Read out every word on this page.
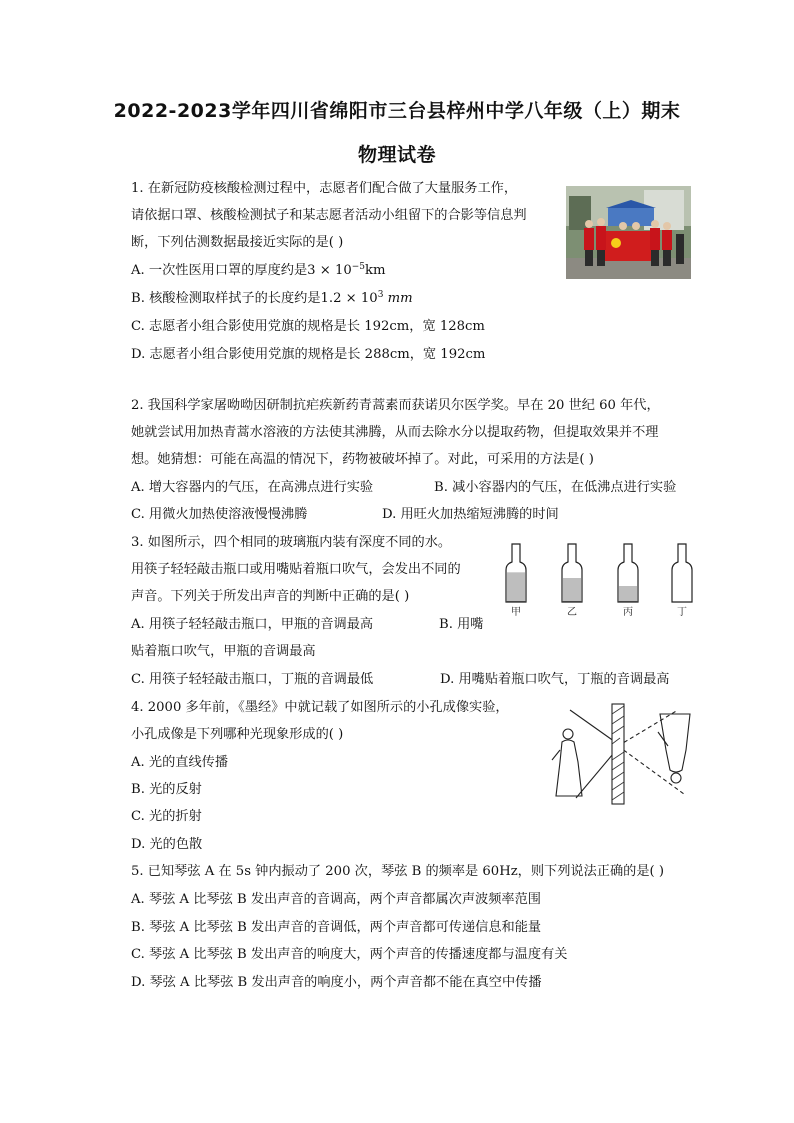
2022-2023学年四川省绵阳市三台县梓州中学八年级（上）期末
物理试卷
1. 在新冠防疫核酸检测过程中，志愿者们配合做了大量服务工作，
请依据口罩、核酸检测拭子和某志愿者活动小组留下的合影等信息判
断，下列估测数据最接近实际的是( )
A. 一次性医用口罩的厚度约是$3 \times 10^{-5}km$
B. 核酸检测取样拭子的长度约是$1.2 \times 10^3$ mm
C. 志愿者小组合影使用党旗的规格是长 192cm，宽 128cm
D. 志愿者小组合影使用党旗的规格是长 288cm，宽 192cm
2. 我国科学家屠呦呦因研制抗疟疾新药青蒿素而获诺贝尔医学奖。早在 20 世纪 60 年代，
她就尝试用加热青蒿水溶液的方法使其沸腾，从而去除水分以提取药物，但提取效果并不理
想。她猜想：可能在高温的情况下，药物被破坏掉了。对此，可采用的方法是( )
A. 增大容器内的气压，在高沸点进行实验	B. 减小容器内的气压，在低沸点进行实验
C. 用微火加热使溶液慢慢沸腾	D. 用旺火加热缩短沸腾的时间
3. 如图所示，四个相同的玻璃瓶内装有深度不同的水。
用筷子轻轻敲击瓶口或用嘴贴着瓶口吹气，会发出不同的
声音。下列关于所发出声音的判断中正确的是( )
A. 用筷子轻轻敲击瓶口，甲瓶的音调最高	B. 用嘴
贴着瓶口吹气，甲瓶的音调最高
C. 用筷子轻轻敲击瓶口，丁瓶的音调最低	D. 用嘴贴着瓶口吹气，丁瓶的音调最高
甲	乙	丙	丁
4. 2000 多年前，《墨经》中就记载了如图所示的小孔成像实验，
小孔成像是下列哪种光现象形成的( )
A. 光的直线传播
B. 光的反射
C. 光的折射
D. 光的色散
5. 已知琴弦 A 在 5s 钟内振动了 200 次，琴弦 B 的频率是 60Hz，则下列说法正确的是( )
A. 琴弦 A 比琴弦 B 发出声音的音调高，两个声音都属次声波频率范围
B. 琴弦 A 比琴弦 B 发出声音的音调低，两个声音都可传递信息和能量
C. 琴弦 A 比琴弦 B 发出声音的响度大，两个声音的传播速度都与温度有关
D. 琴弦 A 比琴弦 B 发出声音的响度小，两个声音都不能在真空中传播
